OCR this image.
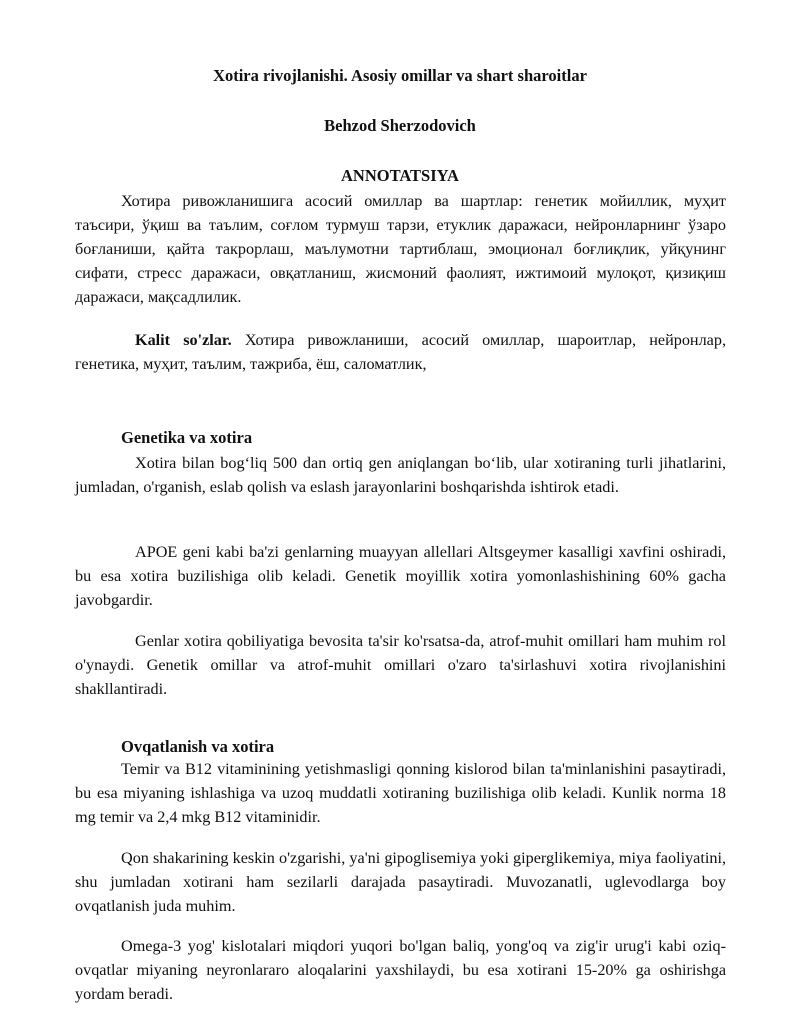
Xotira rivojlanishi. Asosiy omillar va shart sharoitlar
Behzod Sherzodovich
ANNOTATSIYA

Хотира ривожланишига асосий омиллар ва шартлар: генетик мойиллик, муҳит таъсири, ўқиш ва таълим, соғлом турмуш тарзи, етуклик даражаси, нейронларнинг ўзаро боғланиши, қайта такрорлаш, маълумотни тартиблаш, эмоционал боғлиқлик, уйқунинг сифати, стресс даражаси, овқатланиш, жисмоний фаолият, ижтимоий мулоқот, қизиқиш даражаси, мақсадлилик.

Kalit so'zlar. Хотира ривожланиши, асосий омиллар, шароитлар, нейронлар, генетика, муҳит, таълим, тажриба, ёш, саломатлик,

Genetika va xotira

Xotira bilan bog‘liq 500 dan ortiq gen aniqlangan bo‘lib, ular xotiraning turli jihatlarini, jumladan, o'rganish, eslab qolish va eslash jarayonlarini boshqarishda ishtirok etadi.

APOE geni kabi ba'zi genlarning muayyan allellari Altsgeymer kasalligi xavfini oshiradi, bu esa xotira buzilishiga olib keladi. Genetik moyillik xotira yomonlashishining 60% gacha javobgardir.

Genlar xotira qobiliyatiga bevosita ta'sir ko'rsatsa-da, atrof-muhit omillari ham muhim rol o'ynaydi. Genetik omillar va atrof-muhit omillari o'zaro ta'sirlashuvi xotira rivojlanishini shakllantiradi.

Ovqatlanish va xotira

Temir va B12 vitaminining yetishmasligi qonning kislorod bilan ta'minlanishini pasaytiradi, bu esa miyaning ishlashiga va uzoq muddatli xotiraning buzilishiga olib keladi. Kunlik norma 18 mg temir va 2,4 mkg B12 vitaminidir.

Qon shakarining keskin o'zgarishi, ya'ni gipoglisemiya yoki giperglikemiya, miya faoliyatini, shu jumladan xotirani ham sezilarli darajada pasaytiradi. Muvozanatli, uglevodlarga boy ovqatlanish juda muhim.

Omega-3 yog' kislotalari miqdori yuqori bo'lgan baliq, yong'oq va zig'ir urug'i kabi oziq-ovqatlar miyaning neyronlararo aloqalarini yaxshilaydi, bu esa xotirani 15-20% ga oshirishga yordam beradi.
